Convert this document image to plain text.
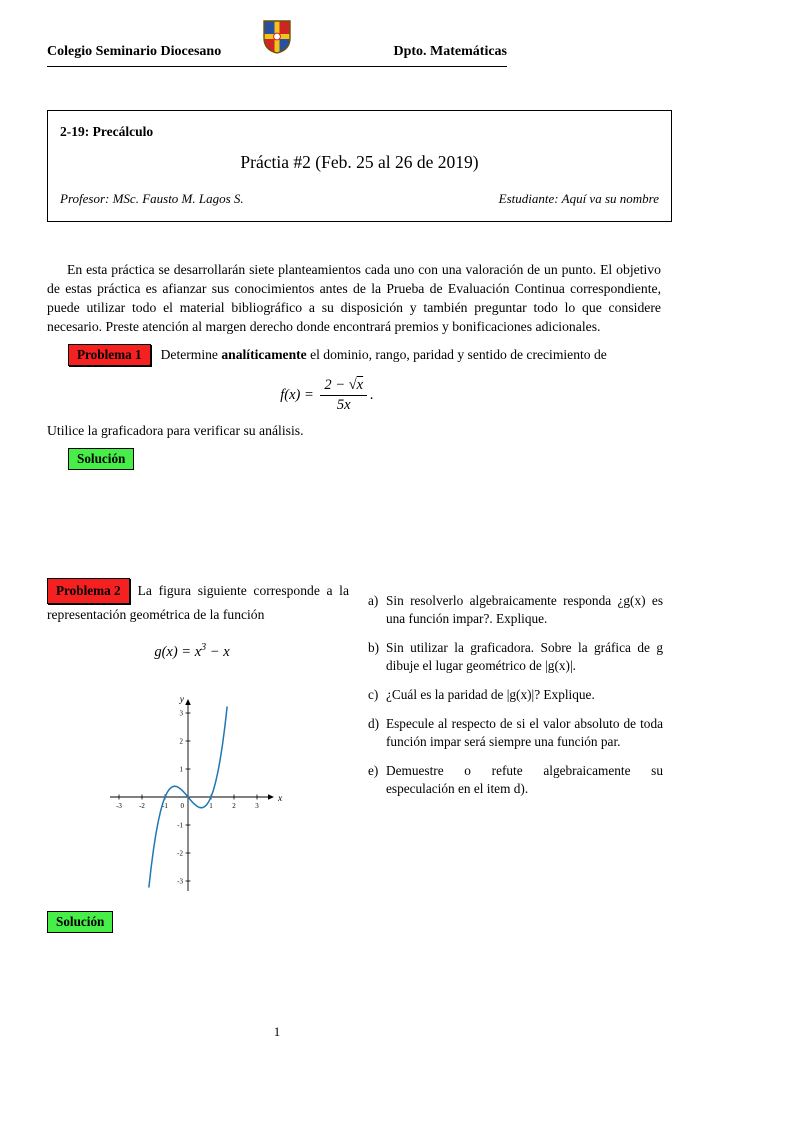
Colegio Seminario Diocesano	Dpto. Matemáticas
2-19: Precálculo
Práctia #2 (Feb. 25 al 26 de 2019)
Profesor: MSc. Fausto M. Lagos S.	Estudiante: Aquí va su nombre

En esta práctica se desarrollarán siete planteamientos cada uno con una valoración de un punto. El objetivo de estas práctica es afianzar sus conocimientos antes de la Prueba de Evaluación Continua correspondiente, puede utilizar todo el material bibliográfico a su disposición y también preguntar todo lo que considere necesario. Preste atención al margen derecho donde encontrará premios y bonificaciones adicionales.

Problema 1 Determine analíticamente el dominio, rango, paridad y sentido de crecimiento de
$f(x) = \frac{2 - √x}{5x}$ .
Utilice la graficadora para verificar su análisis.
Solución
Problema 2 La figura siguiente corresponde a la representación geométrica de la función
$g(x) = x^3 - x$
x
y
-3 -2 -1	1	2	3
-3
-2
-1
1
2
3
0
a) Sin resolverlo algebraicamente responda ¿g(x) es una función impar?. Explique.
b) Sin utilizar la graficadora. Sobre la gráfica de g dibuje el lugar geométrico de |g(x)|.
c) ¿Cuál es la paridad de |g(x)|? Explique.
d) Especule al respecto de si el valor absoluto de toda función impar será siempre una función par.
e) Demuestre o refute algebraicamente su especulación en el item d).
Solución
1
